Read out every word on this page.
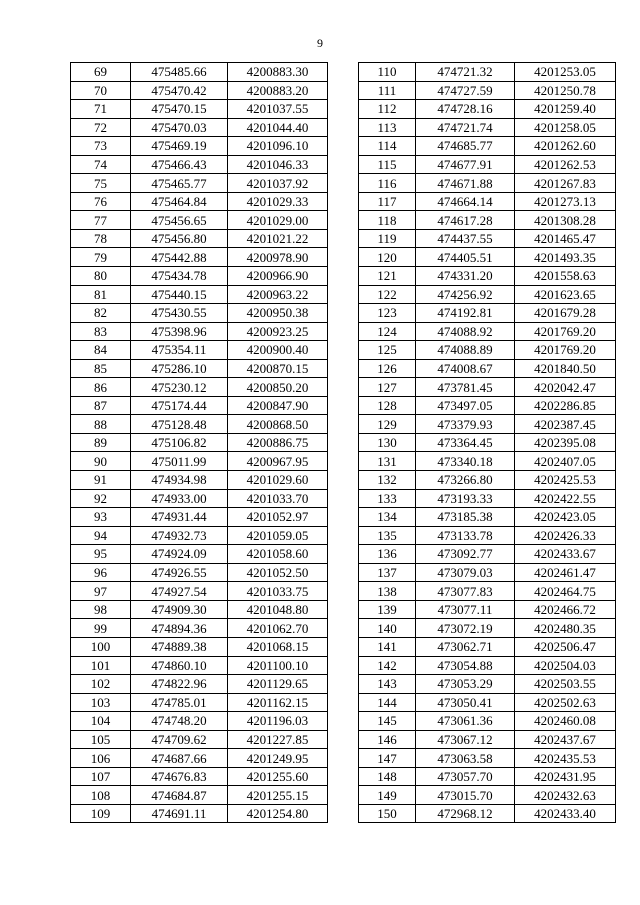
9
69	475485.66	4200883.30
70	475470.42	4200883.20
71	475470.15	4201037.55
72	475470.03	4201044.40
73	475469.19	4201096.10
74	475466.43	4201046.33
75	475465.77	4201037.92
76	475464.84	4201029.33
77	475456.65	4201029.00
78	475456.80	4201021.22
79	475442.88	4200978.90
80	475434.78	4200966.90
81	475440.15	4200963.22
82	475430.55	4200950.38
83	475398.96	4200923.25
84	475354.11	4200900.40
85	475286.10	4200870.15
86	475230.12	4200850.20
87	475174.44	4200847.90
88	475128.48	4200868.50
89	475106.82	4200886.75
90	475011.99	4200967.95
91	474934.98	4201029.60
92	474933.00	4201033.70
93	474931.44	4201052.97
94	474932.73	4201059.05
95	474924.09	4201058.60
96	474926.55	4201052.50
97	474927.54	4201033.75
98	474909.30	4201048.80
99	474894.36	4201062.70
100	474889.38	4201068.15
101	474860.10	4201100.10
102	474822.96	4201129.65
103	474785.01	4201162.15
104	474748.20	4201196.03
105	474709.62	4201227.85
106	474687.66	4201249.95
107	474676.83	4201255.60
108	474684.87	4201255.15
109	474691.11	4201254.80
110	474721.32	4201253.05
111	474727.59	4201250.78
112	474728.16	4201259.40
113	474721.74	4201258.05
114	474685.77	4201262.60
115	474677.91	4201262.53
116	474671.88	4201267.83
117	474664.14	4201273.13
118	474617.28	4201308.28
119	474437.55	4201465.47
120	474405.51	4201493.35
121	474331.20	4201558.63
122	474256.92	4201623.65
123	474192.81	4201679.28
124	474088.92	4201769.20
125	474088.89	4201769.20
126	474008.67	4201840.50
127	473781.45	4202042.47
128	473497.05	4202286.85
129	473379.93	4202387.45
130	473364.45	4202395.08
131	473340.18	4202407.05
132	473266.80	4202425.53
133	473193.33	4202422.55
134	473185.38	4202423.05
135	473133.78	4202426.33
136	473092.77	4202433.67
137	473079.03	4202461.47
138	473077.83	4202464.75
139	473077.11	4202466.72
140	473072.19	4202480.35
141	473062.71	4202506.47
142	473054.88	4202504.03
143	473053.29	4202503.55
144	473050.41	4202502.63
145	473061.36	4202460.08
146	473067.12	4202437.67
147	473063.58	4202435.53
148	473057.70	4202431.95
149	473015.70	4202432.63
150	472968.12	4202433.40
